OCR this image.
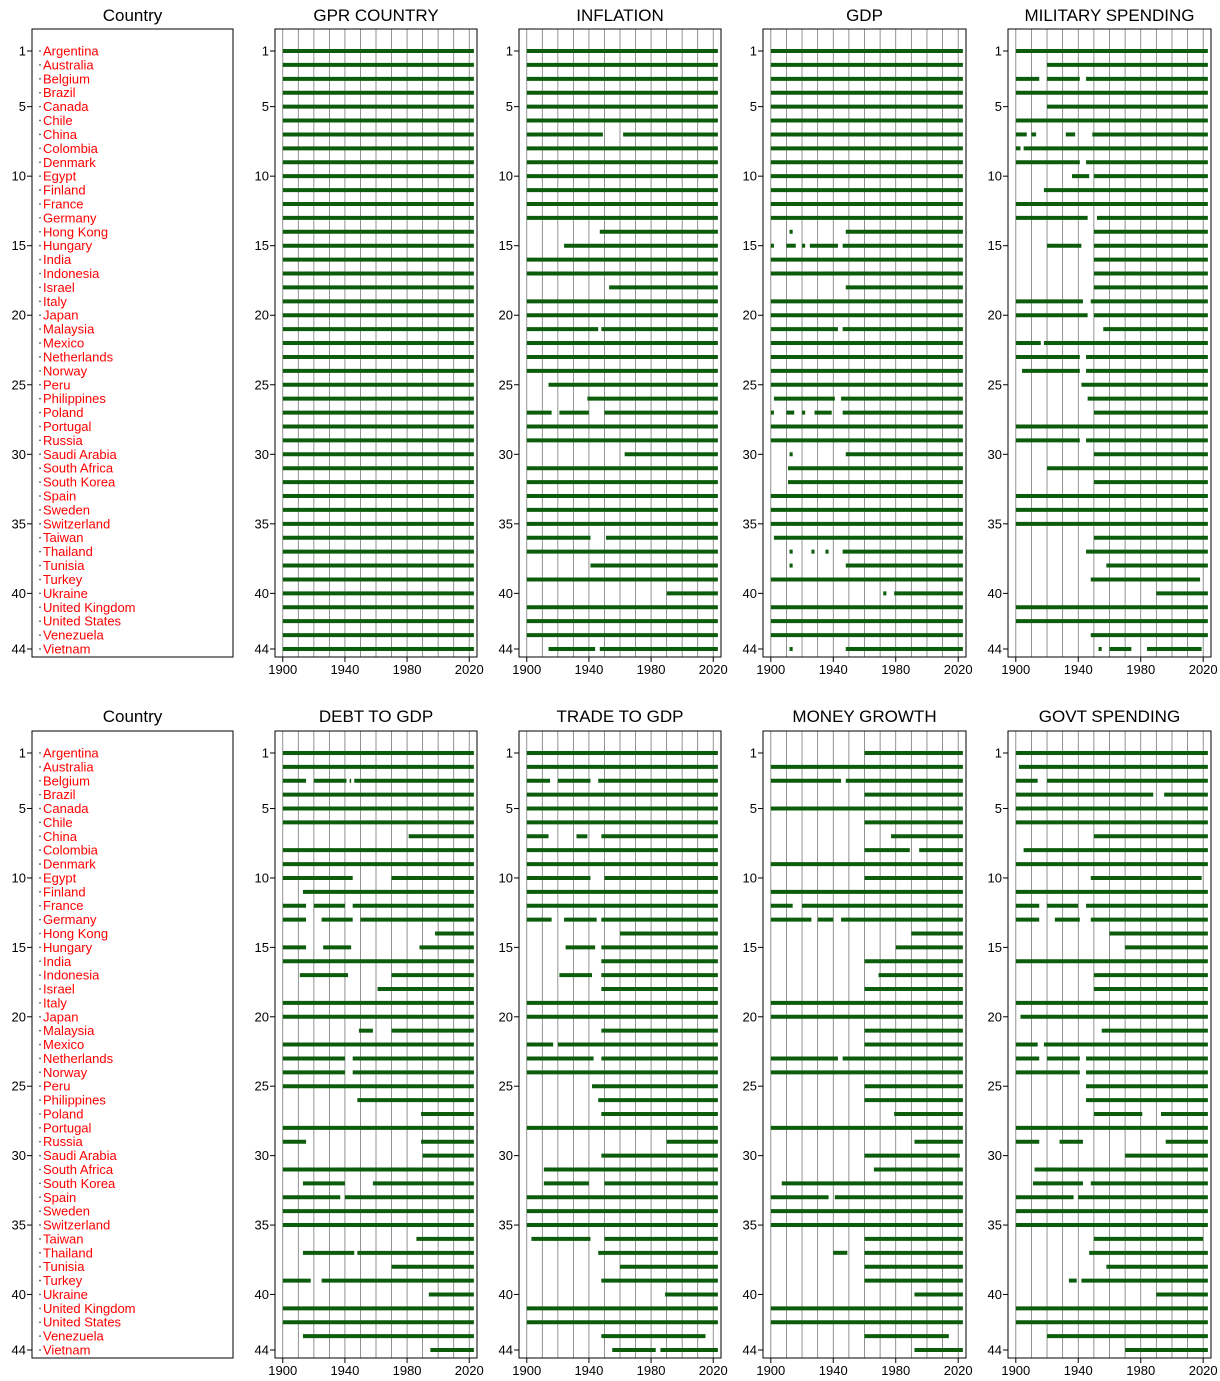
Country
1
5
10
15
20
25
30
35
40
44
Argentina
Australia
Belgium
Brazil
Canada
Chile
China
Colombia
Denmark
Egypt
Finland
France
Germany
Hong Kong
Hungary
India
Indonesia
Israel
Italy
Japan
Malaysia
Mexico
Netherlands
Norway
Peru
Philippines
Poland
Portugal
Russia
Saudi Arabia
South Africa
South Korea
Spain
Sweden
Switzerland
Taiwan
Thailand
Tunisia
Turkey
Ukraine
United Kingdom
United States
Venezuela
Vietnam
GPR COUNTRY
1
5
10
15
20
25
30
35
40
44
1900	1940	1980	2020
INFLATION
1
5
10
15
20
25
30
35
40
44
1900	1940	1980	2020
GDP
1
5
10
15
20
25
30
35
40
44
1900	1940	1980	2020
MILITARY SPENDING
1
5
10
15
20
25
30
35
40
44
1900	1940	1980	2020
Country
1
5
10
15
20
25
30
35
40
44
Argentina
Australia
Belgium
Brazil
Canada
Chile
China
Colombia
Denmark
Egypt
Finland
France
Germany
Hong Kong
Hungary
India
Indonesia
Israel
Italy
Japan
Malaysia
Mexico
Netherlands
Norway
Peru
Philippines
Poland
Portugal
Russia
Saudi Arabia
South Africa
South Korea
Spain
Sweden
Switzerland
Taiwan
Thailand
Tunisia
Turkey
Ukraine
United Kingdom
United States
Venezuela
Vietnam
DEBT TO GDP
1
5
10
15
20
25
30
35
40
44
1900	1940	1980	2020
TRADE TO GDP
1
5
10
15
20
25
30
35
40
44
1900	1940	1980	2020
MONEY GROWTH
1
5
10
15
20
25
30
35
40
44
1900	1940	1980	2020
GOVT SPENDING
1
5
10
15
20
25
30
35
40
44
1900	1940	1980	2020
